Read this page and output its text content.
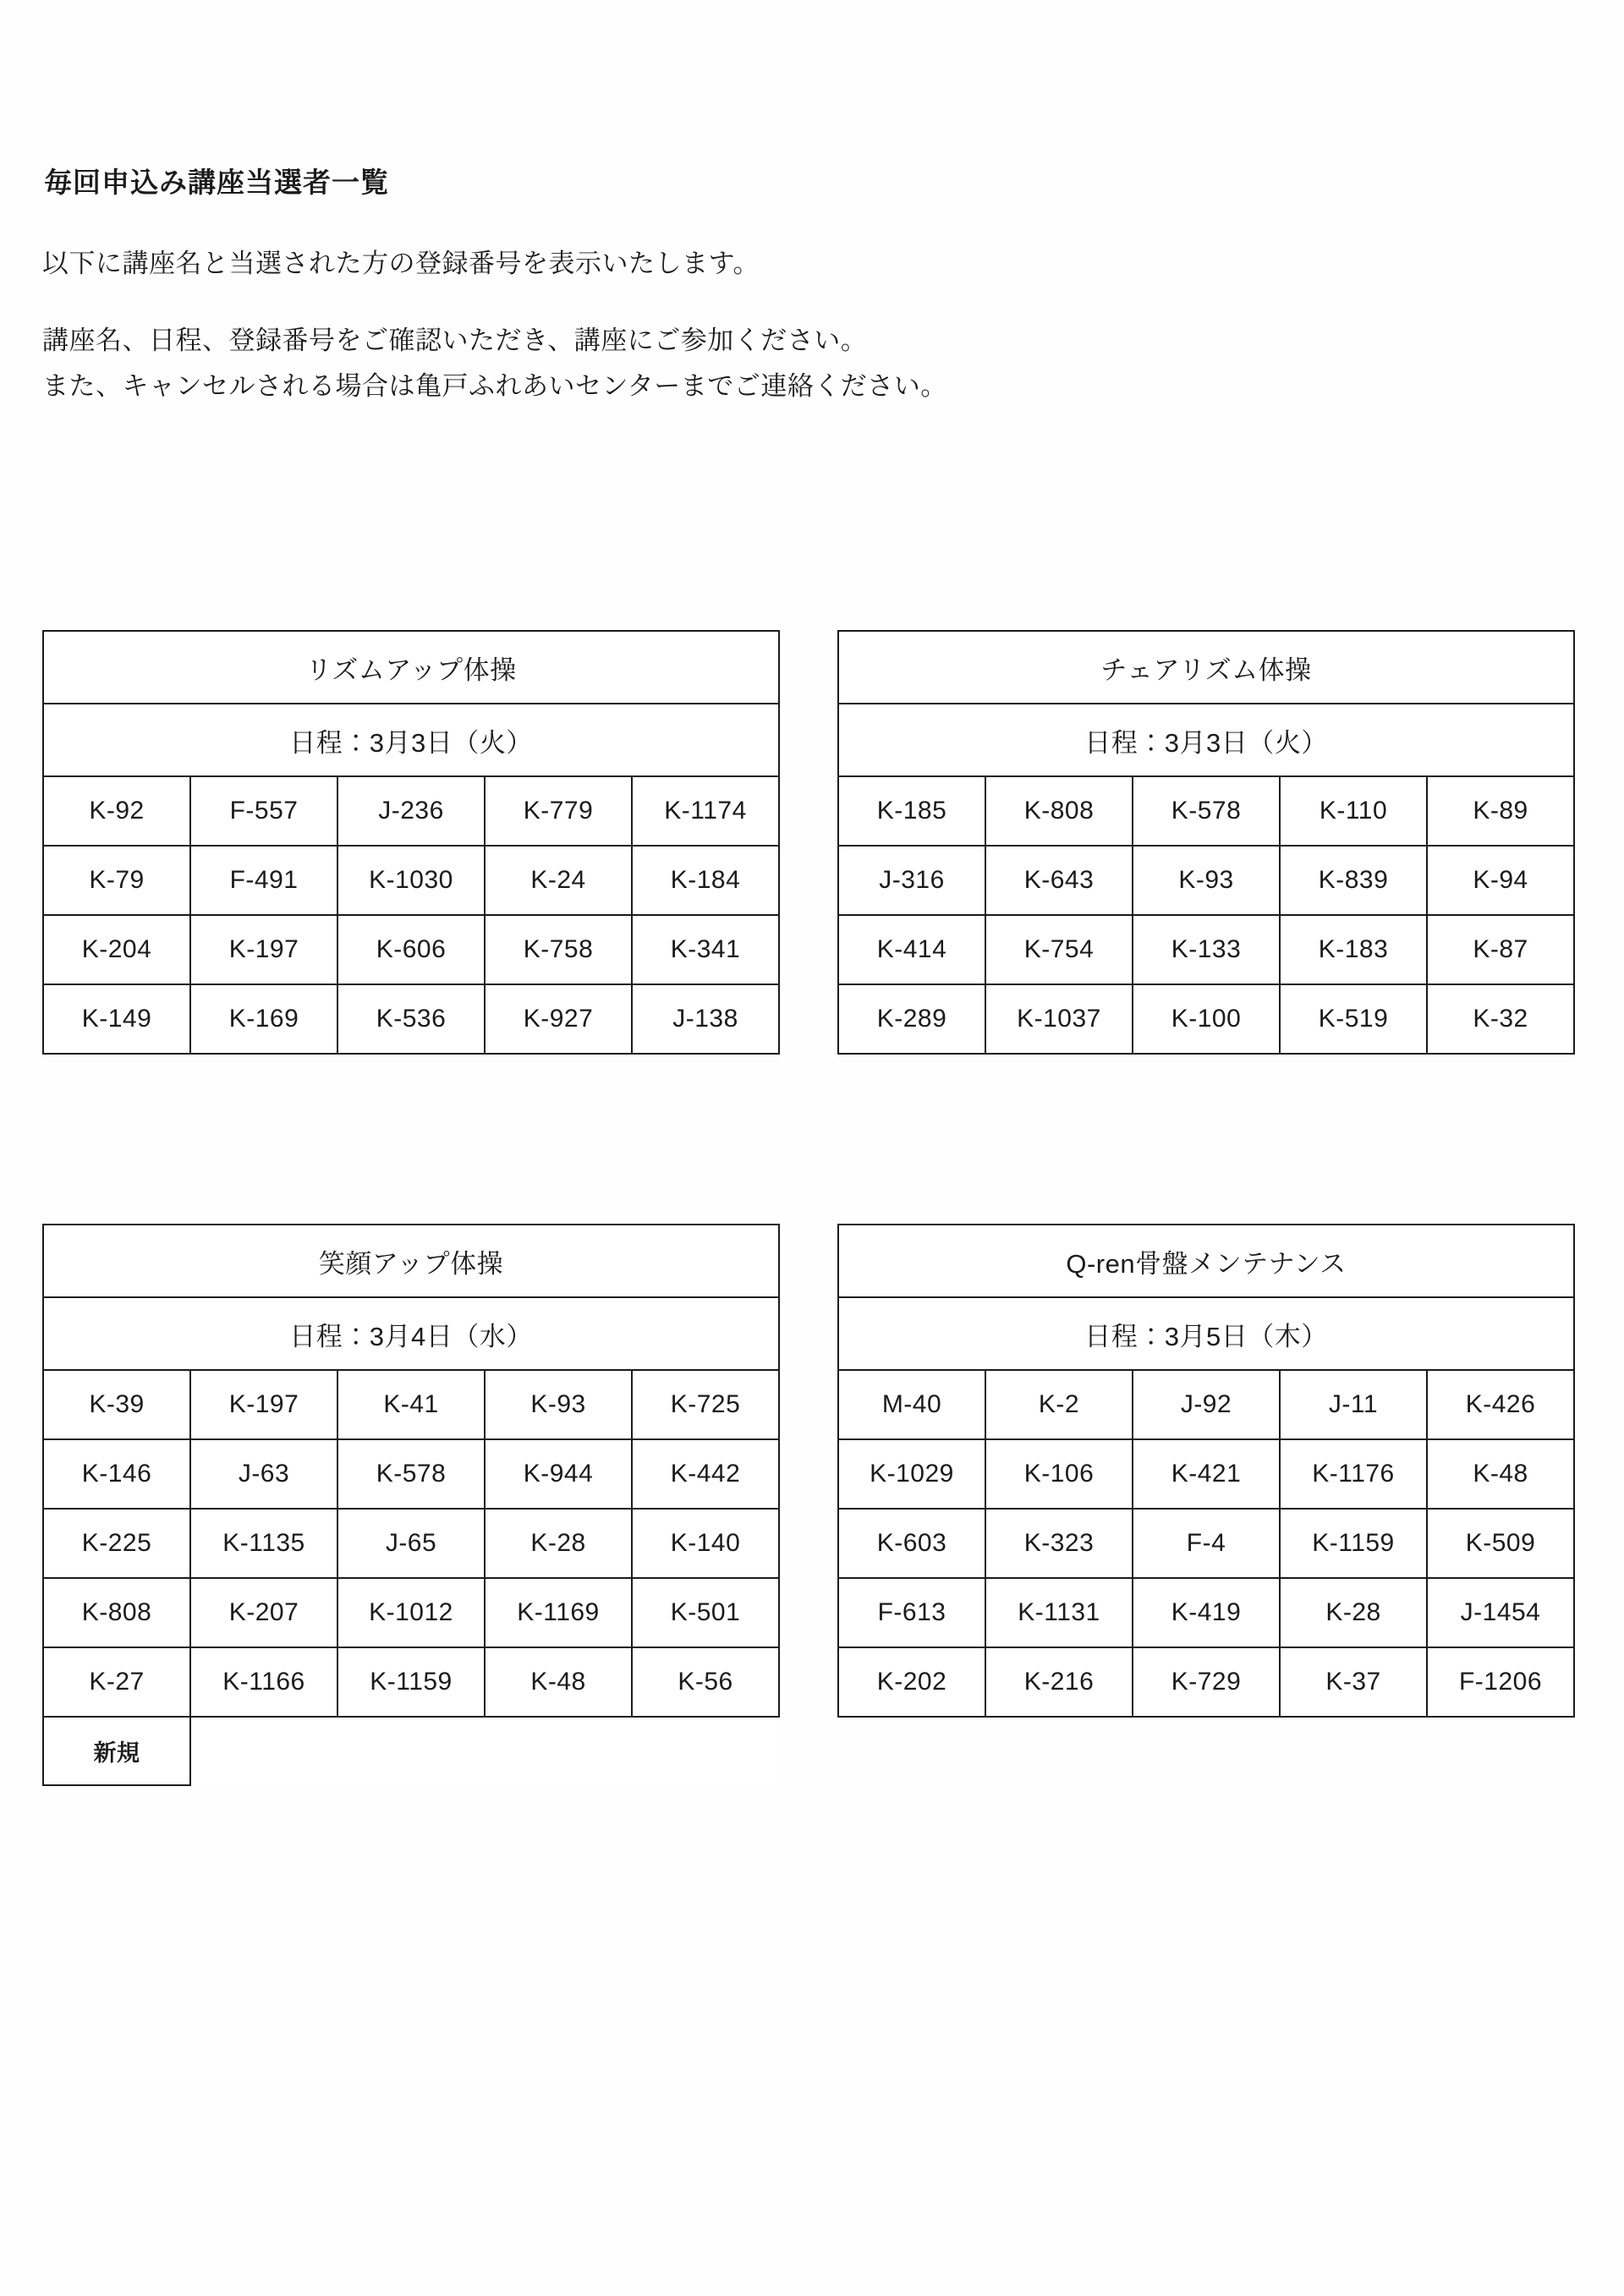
毎回申込み講座当選者一覧

以下に講座名と当選された方の登録番号を表示いたします。

講座名、日程、登録番号をご確認いただき、講座にご参加ください。

また、キャンセルされる場合は亀戸ふれあいセンターまでご連絡ください。

リズムアップ体操				
日程：3月3日（火）				
K-92	F-557	J-236	K-779	K-1174
K-79	F-491	K-1030	K-24	K-184
K-204	K-197	K-606	K-758	K-341
K-149	K-169	K-536	K-927	J-138
チェアリズム体操				
日程：3月3日（火）				
K-185	K-808	K-578	K-110	K-89
J-316	K-643	K-93	K-839	K-94
K-414	K-754	K-133	K-183	K-87
K-289	K-1037	K-100	K-519	K-32
笑顔アップ体操				
日程：3月4日（水）				
K-39	K-197	K-41	K-93	K-725
K-146	J-63	K-578	K-944	K-442
K-225	K-1135	J-65	K-28	K-140
K-808	K-207	K-1012	K-1169	K-501
K-27	K-1166	K-1159	K-48	K-56
新規				
Q-ren骨盤メンテナンス				
日程：3月5日（木）				
M-40	K-2	J-92	J-11	K-426
K-1029	K-106	K-421	K-1176	K-48
K-603	K-323	F-4	K-1159	K-509
F-613	K-1131	K-419	K-28	J-1454
K-202	K-216	K-729	K-37	F-1206
